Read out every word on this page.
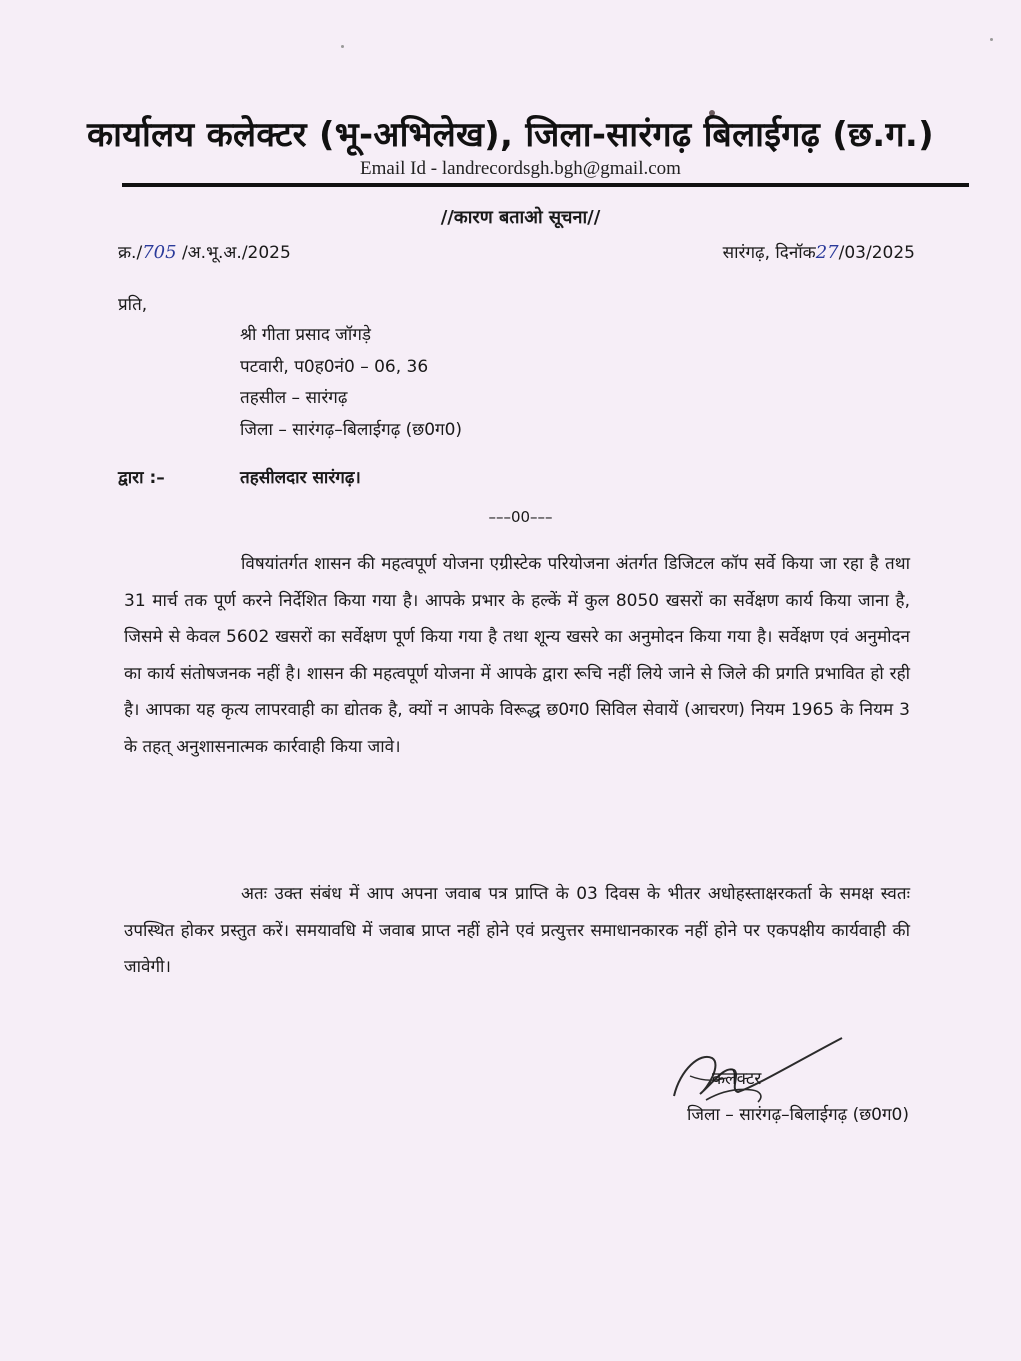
कार्यालय कलेक्टर (भू-अभिलेख), जिला-सारंगढ़ बिलाईगढ़ (छ.ग.)
Email Id - landrecordsgh.bgh@gmail.com
//कारण बताओ सूचना//
क्र./705 /अ.भू.अ./2025	सारंगढ़, दिनॉक27/03/2025
प्रति,
श्री गीता प्रसाद जॉगड़े
पटवारी, प0ह0नं0 – 06, 36
तहसील – सारंगढ़
जिला – सारंगढ़–बिलाईगढ़ (छ0ग0)
द्वारा :–	तहसीलदार सारंगढ़।
–––00–––
विषयांतर्गत शासन की महत्वपूर्ण योजना एग्रीस्टेक परियोजना अंतर्गत डिजिटल कॉप सर्वे किया जा रहा है तथा 31 मार्च तक पूर्ण करने निर्देशित किया गया है। आपके प्रभार के हल्कें में कुल 8050 खसरों का सर्वेक्षण कार्य किया जाना है, जिसमे से केवल 5602 खसरों का सर्वेक्षण पूर्ण किया गया है तथा शून्य खसरे का अनुमोदन किया गया है। सर्वेक्षण एवं अनुमोदन का कार्य संतोषजनक नहीं है। शासन की महत्वपूर्ण योजना में आपके द्वारा रूचि नहीं लिये जाने से जिले की प्रगति प्रभावित हो रही है। आपका यह कृत्य लापरवाही का द्योतक है, क्यों न आपके विरूद्ध छ0ग0 सिविल सेवायें (आचरण) नियम 1965 के नियम 3 के तहत् अनुशासनात्मक कार्रवाही किया जावे।
अतः उक्त संबंध में आप अपना जवाब पत्र प्राप्ति के 03 दिवस के भीतर अधोहस्ताक्षरकर्ता के समक्ष स्वतः उपस्थित होकर प्रस्तुत करें। समयावधि में जवाब प्राप्त नहीं होने एवं प्रत्युत्तर समाधानकारक नहीं होने पर एकपक्षीय कार्यवाही की जावेगी।
कलेक्टर
जिला – सारंगढ़–बिलाईगढ़ (छ0ग0)
